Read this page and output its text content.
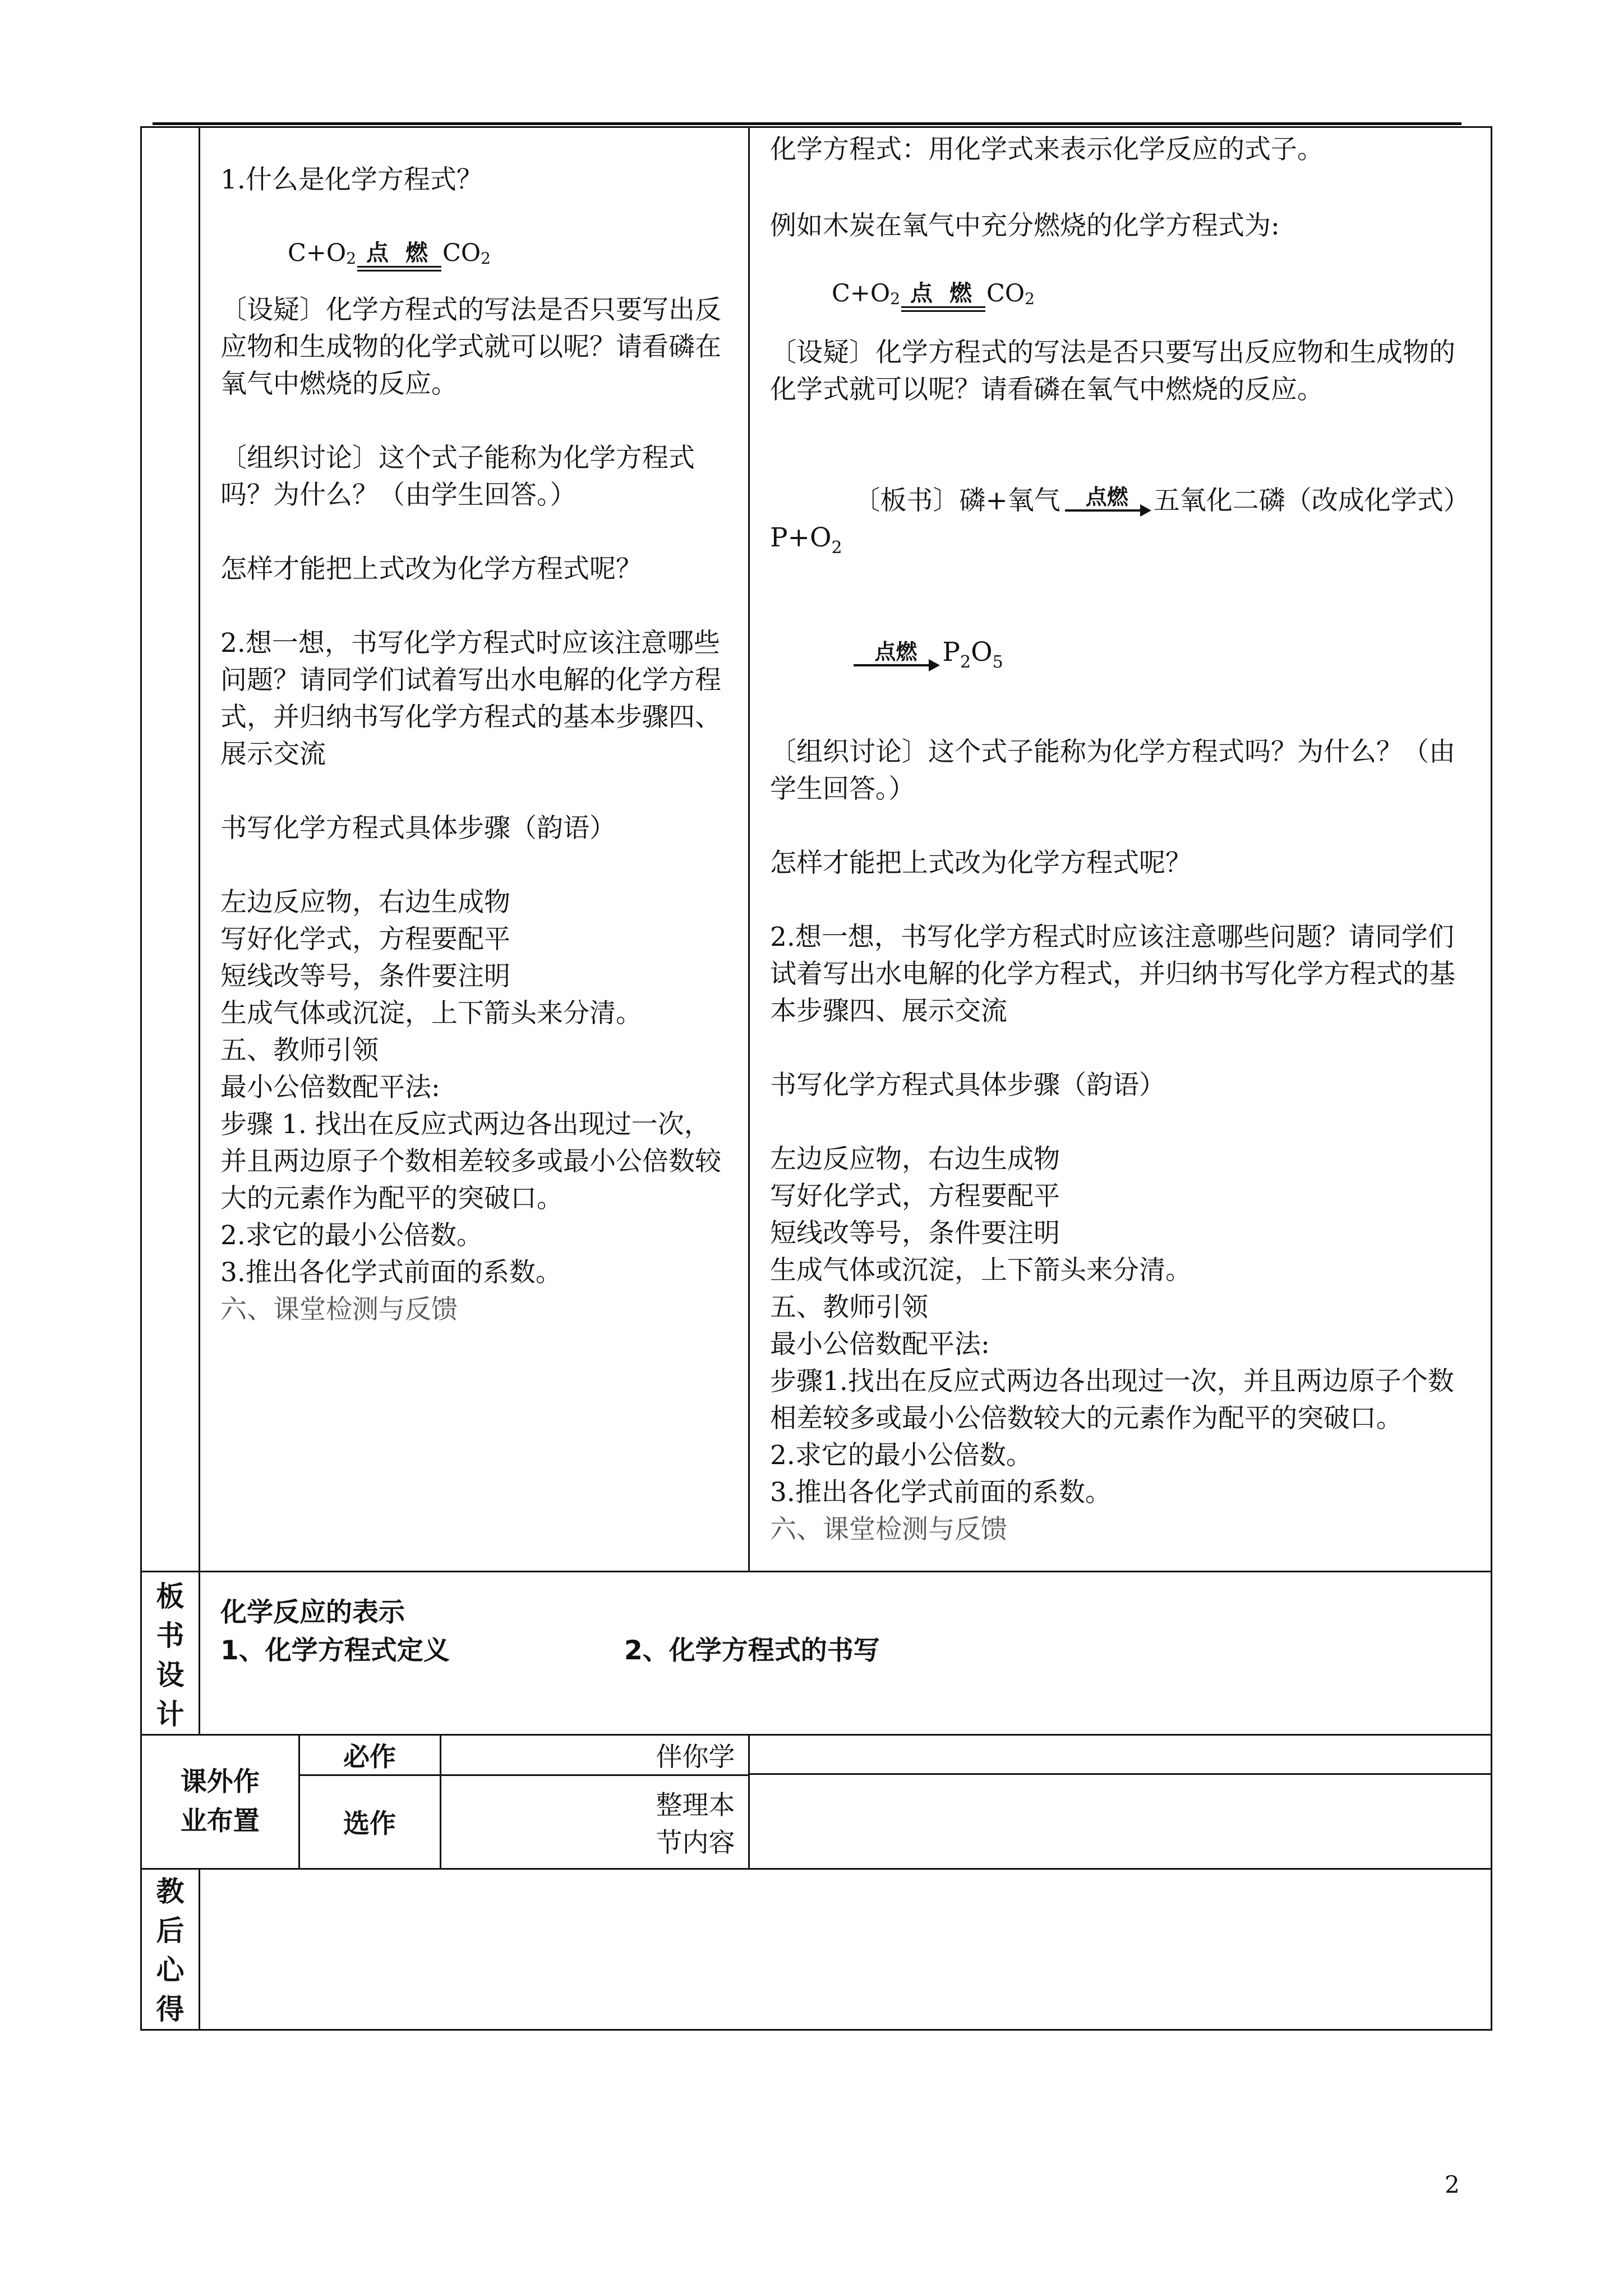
1.什么是化学方程式？

C+O 2 点 燃 CO 2

〔设疑〕化学方程式的写法是否只要写出反应物和生成物的化学式就可以呢？请看磷在氧气中燃烧的反应。

〔组织讨论〕这个式子能称为化学方程式吗？为什么？（由学生回答。）

怎样才能把上式改为化学方程式呢？

2.想一想，书写化学方程式时应该注意哪些问题？请同学们试着写出水电解的化学方程式，并归纳书写化学方程式的基本步骤四、展示交流

书写化学方程式具体步骤（韵语）

左边反应物，右边生成物

写好化学式，方程要配平

短线改等号，条件要注明

生成气体或沉淀，上下箭头来分清。

五、教师引领

最小公倍数配平法:

步骤 1. 找出在反应式两边各出现过一次，并且两边原子个数相差较多或最小公倍数较大的元素作为配平的突破口。

2.求它的最小公倍数。

3.推出各化学式前面的系数。

六、课堂检测与反馈

化学方程式：用化学式来表示化学反应的式子。

例如木炭在氧气中充分燃烧的化学方程式为:

C+O 2 点 燃 CO 2

〔设疑〕化学方程式的写法是否只要写出反应物和生成物的化学式就可以呢？请看磷在氧气中燃烧的反应。

〔板书〕磷+氧气 点燃 五氧化二磷（改成化学式）$P+O_2$

点燃 $P_2O_5$

〔组织讨论〕这个式子能称为化学方程式吗？为什么？（由学生回答。）

怎样才能把上式改为化学方程式呢？

2.想一想，书写化学方程式时应该注意哪些问题？请同学们试着写出水电解的化学方程式，并归纳书写化学方程式的基本步骤四、展示交流

书写化学方程式具体步骤（韵语）

左边反应物，右边生成物

写好化学式，方程要配平

短线改等号，条件要注明

生成气体或沉淀，上下箭头来分清。

五、教师引领

最小公倍数配平法:

步骤1.找出在反应式两边各出现过一次，并且两边原子个数相差较多或最小公倍数较大的元素作为配平的突破口。

2.求它的最小公倍数。

3.推出各化学式前面的系数。

六、课堂检测与反馈

板
书
设
计

化学反应的表示
1、化学方程式定义	2、化学方程式的书写

课外作
业布置
	必作	伴你学
选作	整理本节内容

教
后
心
得

2
